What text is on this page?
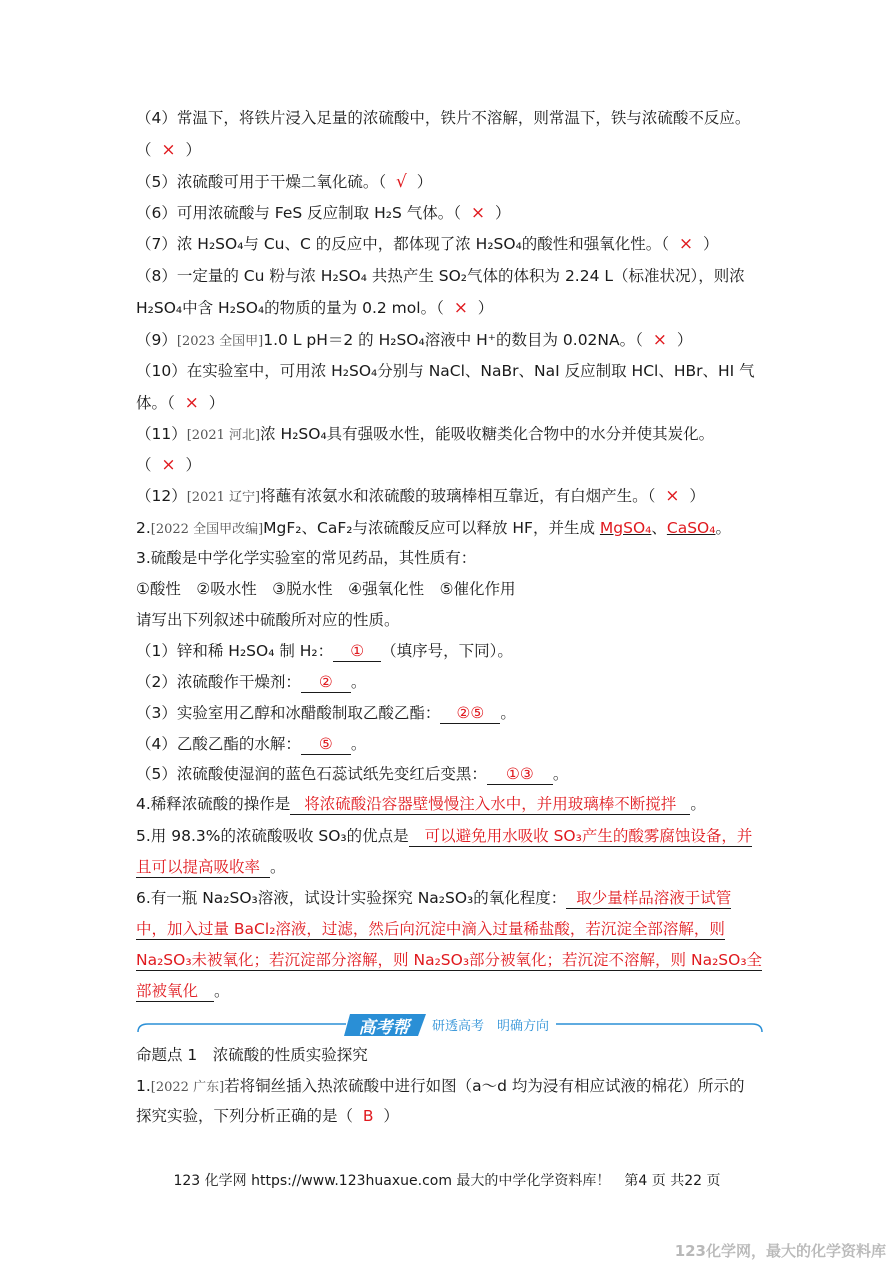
（4）常温下，将铁片浸入足量的浓硫酸中，铁片不溶解，则常温下，铁与浓硫酸不反应。
（ × ）
（5）浓硫酸可用于干燥二氧化硫。（ √ ）
（6）可用浓硫酸与 FeS 反应制取 H₂S 气体。（ × ）
（7）浓 H₂SO₄与 Cu、C 的反应中，都体现了浓 H₂SO₄的酸性和强氧化性。（ × ）
（8）一定量的 Cu 粉与浓 H₂SO₄ 共热产生 SO₂气体的体积为 2.24 L（标准状况），则浓
H₂SO₄中含 H₂SO₄的物质的量为 0.2 mol。（ × ）
（9）[2023 全国甲]1.0 L pH＝2 的 H₂SO₄溶液中 H⁺的数目为 0.02NA。（ × ）
（10）在实验室中，可用浓 H₂SO₄分别与 NaCl、NaBr、NaI 反应制取 HCl、HBr、HI 气
体。（ × ）
（11）[2021 河北]浓 H₂SO₄具有强吸水性，能吸收糖类化合物中的水分并使其炭化。
（ × ）
（12）[2021 辽宁]将蘸有浓氨水和浓硫酸的玻璃棒相互靠近，有白烟产生。（ × ）
2.[2022 全国甲改编]MgF₂、CaF₂与浓硫酸反应可以释放 HF，并生成 MgSO₄、CaSO₄。
3.硫酸是中学化学实验室的常见药品，其性质有：
①酸性　②吸水性　③脱水性　④强氧化性　⑤催化作用
请写出下列叙述中硫酸所对应的性质。
（1）锌和稀 H₂SO₄ 制 H₂： ① （填序号，下同）。
（2）浓硫酸作干燥剂： ② 。
（3）实验室用乙醇和冰醋酸制取乙酸乙酯： ②⑤ 。
（4）乙酸乙酯的水解： ⑤ 。
（5）浓硫酸使湿润的蓝色石蕊试纸先变红后变黑： ①③ 。
4.稀释浓硫酸的操作是 将浓硫酸沿容器壁慢慢注入水中，并用玻璃棒不断搅拌 。
5.用 98.3%的浓硫酸吸收 SO₃的优点是 可以避免用水吸收 SO₃产生的酸雾腐蚀设备，并
且可以提高吸收率 。
6.有一瓶 Na₂SO₃溶液，试设计实验探究 Na₂SO₃的氧化程度： 取少量样品溶液于试管
中，加入过量 BaCl₂溶液，过滤，然后向沉淀中滴入过量稀盐酸，若沉淀全部溶解，则
Na₂SO₃未被氧化；若沉淀部分溶解，则 Na₂SO₃部分被氧化；若沉淀不溶解，则 Na₂SO₃全
部被氧化 。
高考帮	研透高考　明确方向
命题点 1　浓硫酸的性质实验探究
1.[2022 广东]若将铜丝插入热浓硫酸中进行如图（a～d 均为浸有相应试液的棉花）所示的
探究实验，下列分析正确的是（ B ）
123 化学网 https://www.123huaxue.com 最大的中学化学资料库！　第4 页 共22 页
123化学网，最大的化学资料库
